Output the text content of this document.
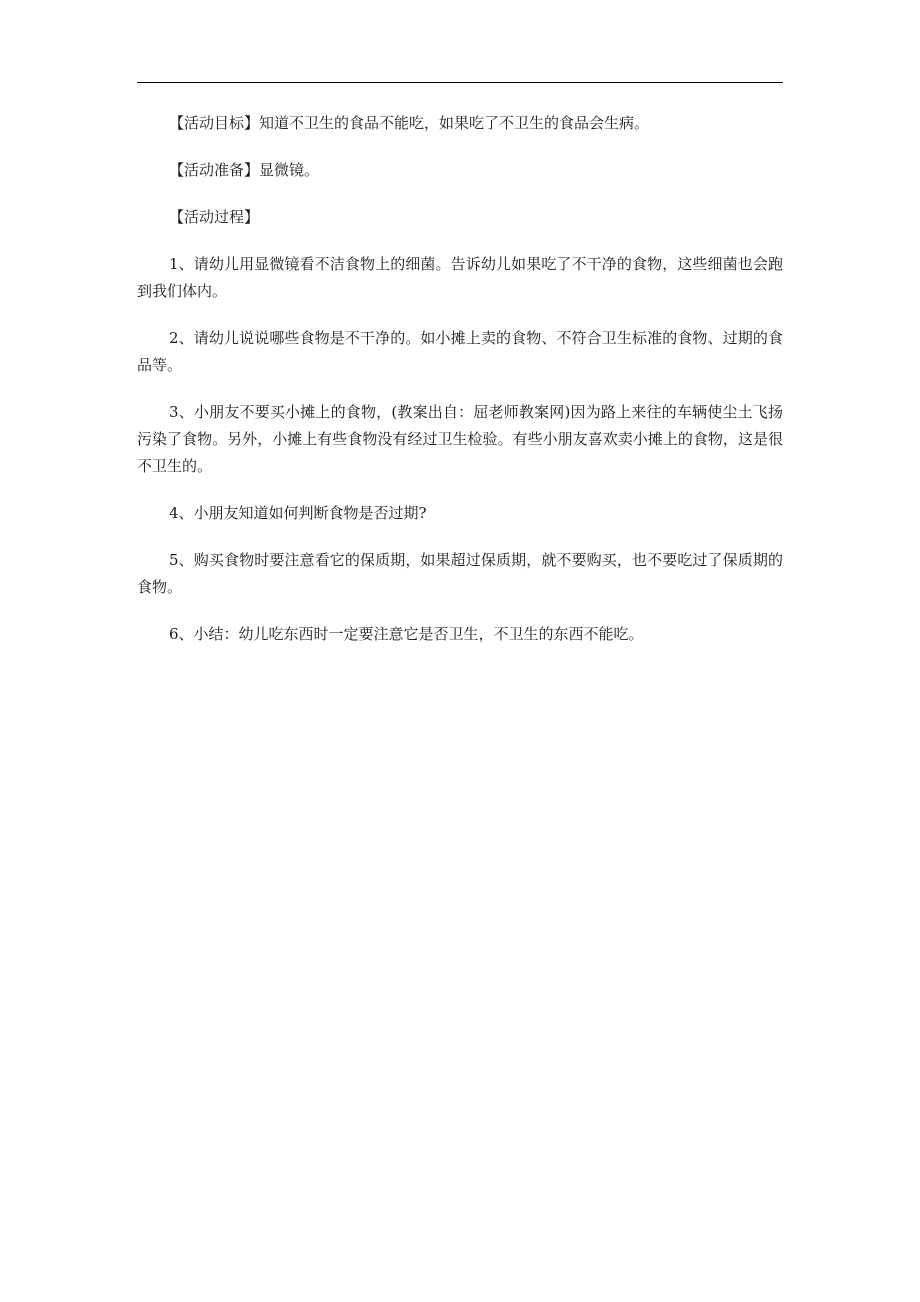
【活动目标】知道不卫生的食品不能吃，如果吃了不卫生的食品会生病。

【活动准备】显微镜。

【活动过程】

1、请幼儿用显微镜看不洁食物上的细菌。告诉幼儿如果吃了不干净的食物，这些细菌也会跑到我们体内。

2、请幼儿说说哪些食物是不干净的。如小摊上卖的食物、不符合卫生标准的食物、过期的食品等。

3、小朋友不要买小摊上的食物，(教案出自：屈老师教案网)因为路上来往的车辆使尘土飞扬污染了食物。另外，小摊上有些食物没有经过卫生检验。有些小朋友喜欢卖小摊上的食物，这是很不卫生的。

4、小朋友知道如何判断食物是否过期?

5、购买食物时要注意看它的保质期，如果超过保质期，就不要购买，也不要吃过了保质期的食物。

6、小结：幼儿吃东西时一定要注意它是否卫生，不卫生的东西不能吃。
